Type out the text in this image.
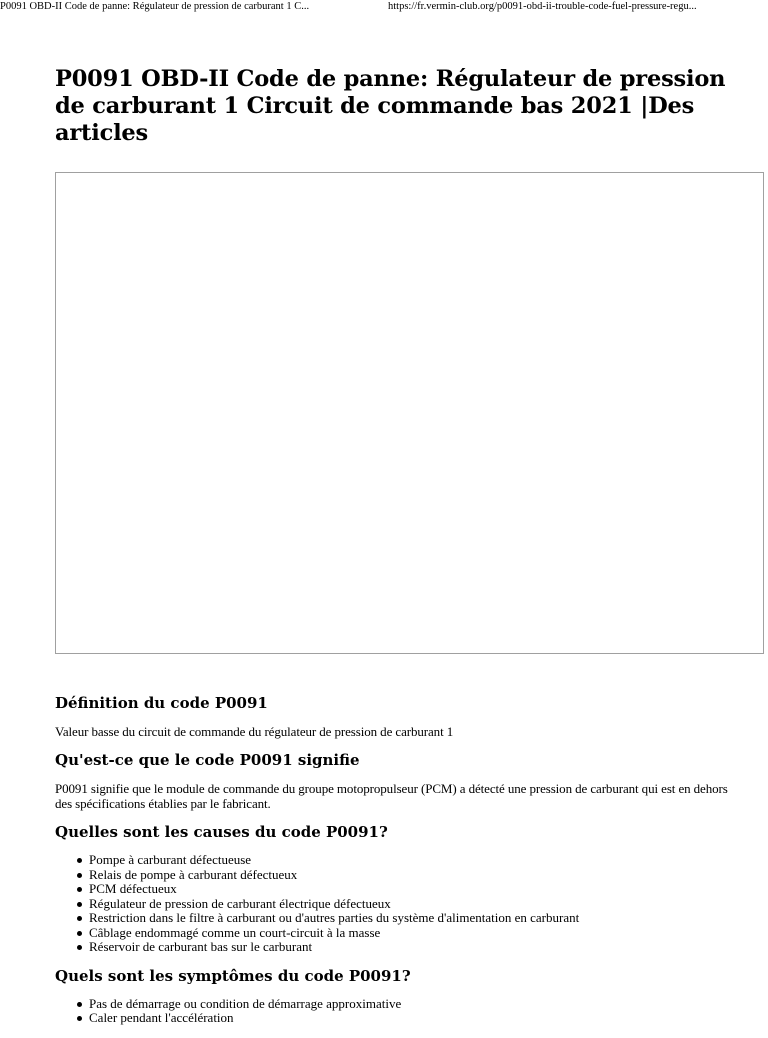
P0091 OBD-II Code de panne: Régulateur de pression de carburant 1 C...	https://fr.vermin-club.org/p0091-obd-ii-trouble-code-fuel-pressure-regu...
P0091 OBD-II Code de panne: Régulateur de pression de carburant 1 Circuit de commande bas 2021 |Des articles
Définition du code P0091

Valeur basse du circuit de commande du régulateur de pression de carburant 1

Qu'est-ce que le code P0091 signifie

P0091 signifie que le module de commande du groupe motopropulseur (PCM) a détecté une pression de carburant qui est en dehors des spécifications établies par le fabricant.

Quelles sont les causes du code P0091?
Pompe à carburant défectueuse
Relais de pompe à carburant défectueux
PCM défectueux
Régulateur de pression de carburant électrique défectueux
Restriction dans le filtre à carburant ou d'autres parties du système d'alimentation en carburant
Câblage endommagé comme un court-circuit à la masse
Réservoir de carburant bas sur le carburant
Quels sont les symptômes du code P0091?
Pas de démarrage ou condition de démarrage approximative
Caler pendant l'accélération
